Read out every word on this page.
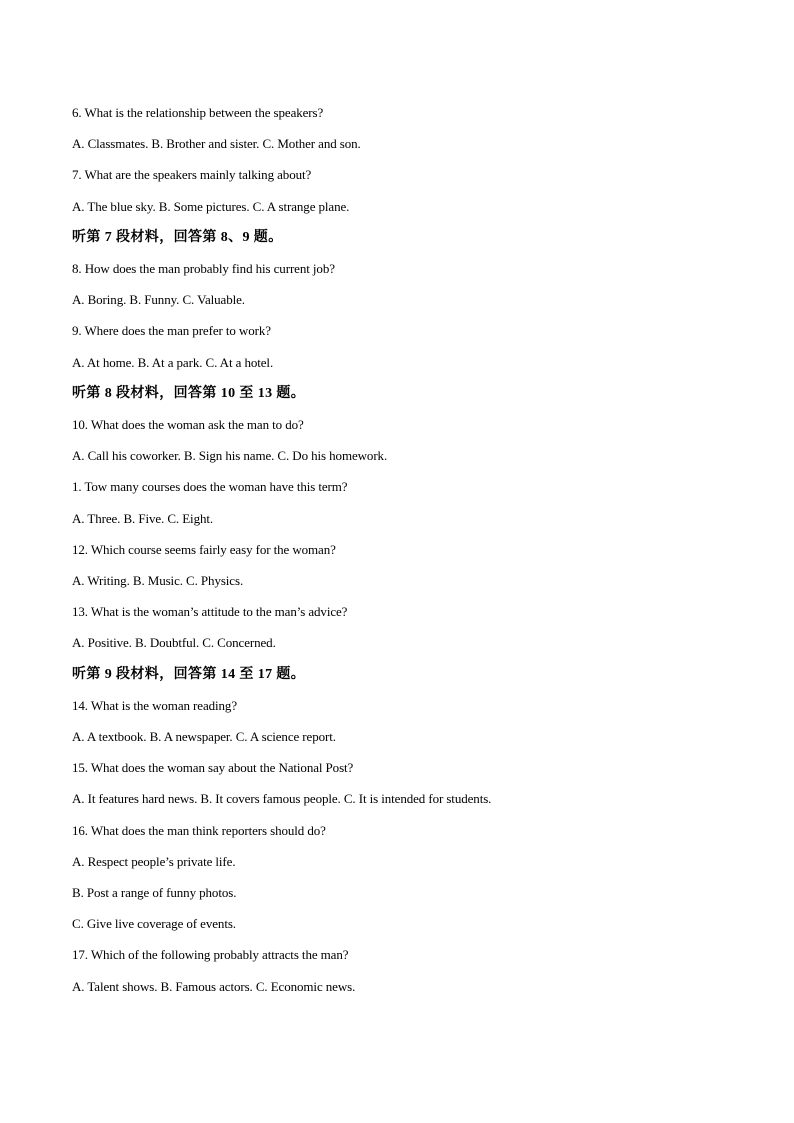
6. What is the relationship between the speakers?
A. Classmates. B. Brother and sister. C. Mother and son.
7. What are the speakers mainly talking about?
A. The blue sky. B. Some pictures. C. A strange plane.
听第 7 段材料，回答第 8、9 题。
8. How does the man probably find his current job?
A. Boring. B. Funny. C. Valuable.
9. Where does the man prefer to work?
A. At home. B. At a park. C. At a hotel.
听第 8 段材料，回答第 10 至 13 题。
10. What does the woman ask the man to do?
A. Call his coworker. B. Sign his name. C. Do his homework.
1. Tow many courses does the woman have this term?
A. Three. B. Five. C. Eight.
12. Which course seems fairly easy for the woman?
A. Writing. B. Music. C. Physics.
13. What is the woman’s attitude to the man’s advice?
A. Positive. B. Doubtful. C. Concerned.
听第 9 段材料，回答第 14 至 17 题。
14. What is the woman reading?
A. A textbook. B. A newspaper. C. A science report.
15. What does the woman say about the National Post?
A. It features hard news. B. It covers famous people. C. It is intended for students.
16. What does the man think reporters should do?
A. Respect people’s private life.
B. Post a range of funny photos.
C. Give live coverage of events.
17. Which of the following probably attracts the man?
A. Talent shows. B. Famous actors. C. Economic news.
